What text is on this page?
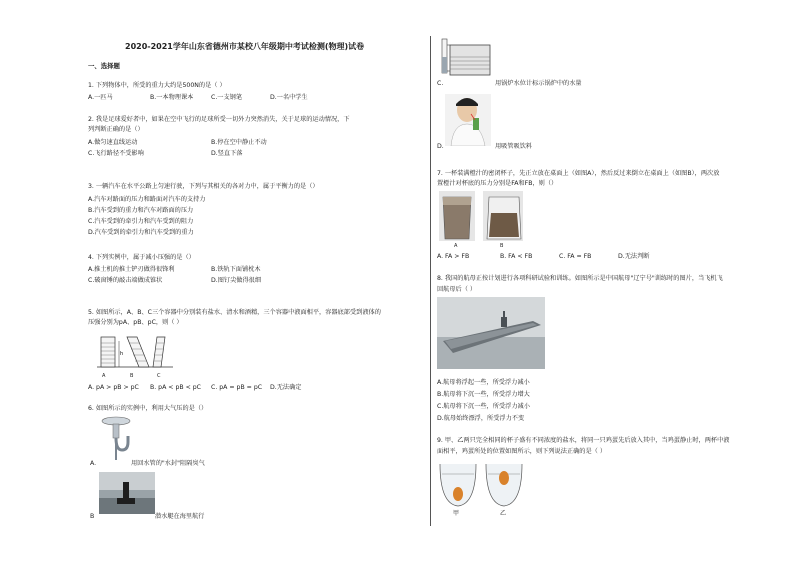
2020-2021学年山东省德州市某校八年级期中考试检测(物理)试卷
一、选择题
1. 下列物体中，所受的重力大约是500N的是（ ）
A.一匹马	B.一本物理课本	C.一支钢笔	D.一名中学生
2. 我是足球爱好者中，如果在空中飞行的足球所受一切外力突然消失，关于足球的运动情况，下
列判断正确的是（）
A.做匀速直线运动	B.停在空中静止不动
C.飞行路径不受影响	D.竖直下落
3. 一辆汽车在水平公路上匀速行驶，下列与其相关的各对力中，属于平衡力的是（）
A.汽车对路面的压力和路面对汽车的支持力
B.汽车受到的重力和汽车对路面的压力
C.汽车受到的牵引力和汽车受到的阻力
D.汽车受到的牵引力和汽车受到的重力
4. 下列实例中，属于减小压强的是（）
A.推土机的推土铲刃做得很锋利	B.铁轨下面铺枕木
C.破窗锤的敲击端做成锥状	D.图钉尖做得很细
5. 如图所示，A、B、C三个容器中分别装有盐水、清水和酒精，三个容器中液面相平，容器底部受到液体的
压强分别为pA、pB、pC，则（ ）
h
A	B	C
A. pA > pB > pC B. pA < pB < pC C. pA = pB = pC D.无法确定
6. 如图所示的实例中，利用大气压的是（）
A.	用回水管的"水封"阻隔臭气
B	潜水艇在海里航行
C.	用锅炉水位计标示锅炉中的水量
D.	用吸管吸饮料
7. 一杯装满橙汁的密闭杯子，先正立放在桌面上（如图A），然后反过来倒立在桌面上（如图B），两次放
置橙汁对杯底的压力分别是FA和FB，则（）
A	B
A. FA > FB	B. FA < FB	C. FA = FB	D.无法判断
8. 我国的航母正按计划进行各项科研试验和训练。如图所示是中国航母"辽宁号"训练时的图片，当飞机飞
回航母后（ ）
A.航母将浮起一些，所受浮力减小
B.航母将下沉一些，所受浮力增大
C.航母将下沉一些，所受浮力减小
D.航母始终漂浮，所受浮力不变
9. 甲、乙两只完全相同的杯子盛有不同浓度的盐水，将同一只鸡蛋先后放入其中，当鸡蛋静止时，两杯中液
面相平，鸡蛋所处的位置如图所示，则下列说法正确的是（ ）
甲	乙
